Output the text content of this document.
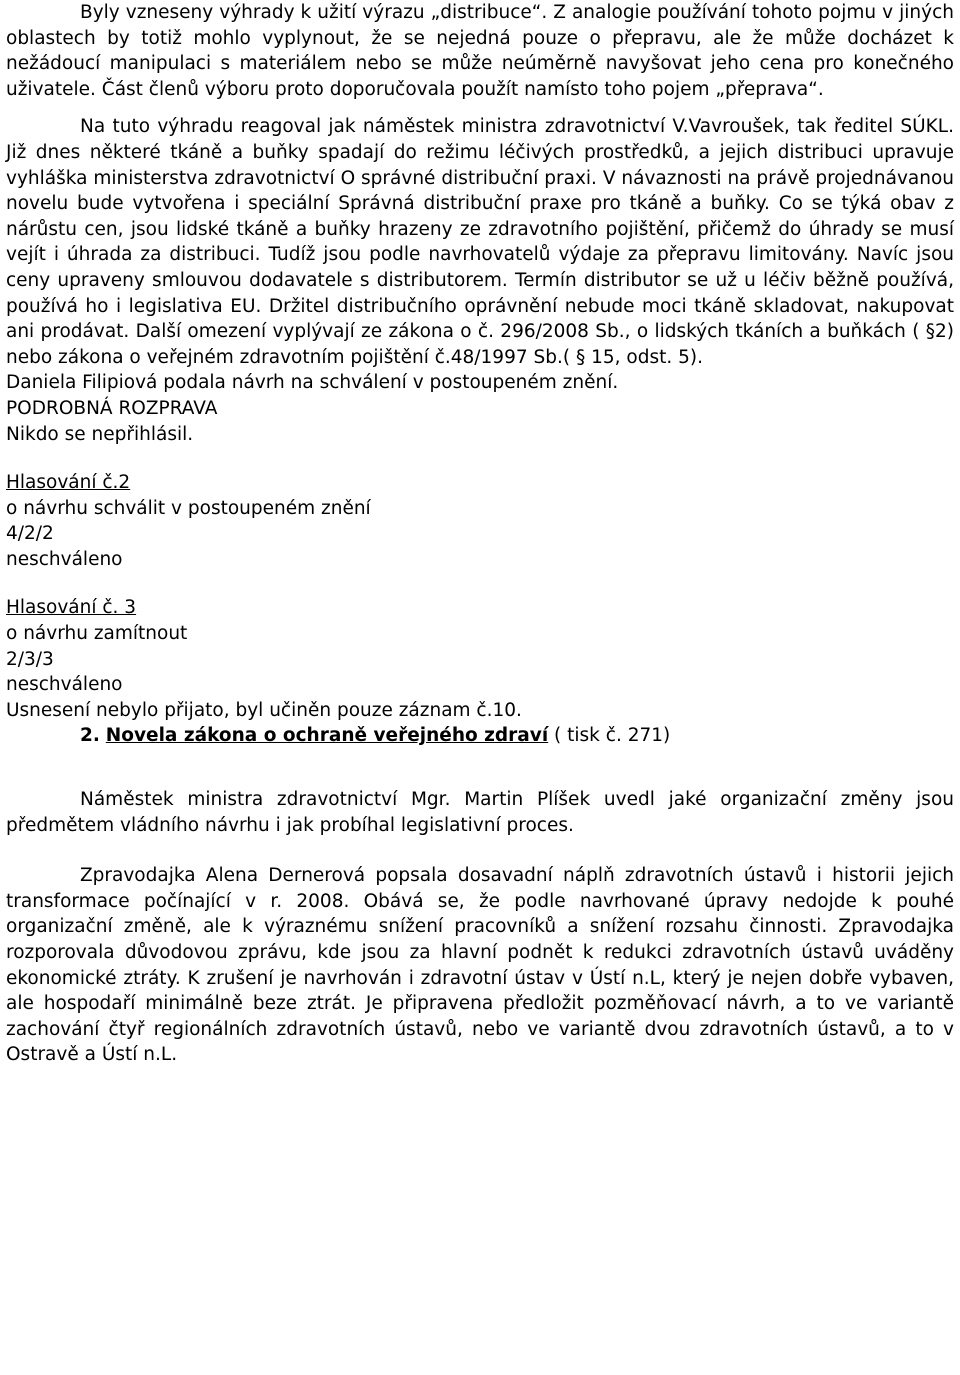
Byly vzneseny výhrady k užití výrazu „distribuce“. Z analogie používání tohoto pojmu v jiných oblastech by totiž mohlo vyplynout, že se nejedná pouze o přepravu, ale že může docházet k nežádoucí manipulaci s materiálem nebo se může neúměrně navyšovat jeho cena pro konečného uživatele. Část členů výboru proto doporučovala použít namísto toho pojem „přeprava“.

Na tuto výhradu reagoval jak náměstek ministra zdravotnictví V.Vavroušek, tak ředitel SÚKL. Již dnes některé tkáně a buňky spadají do režimu léčivých prostředků, a jejich distribuci upravuje vyhláška ministerstva zdravotnictví O správné distribuční praxi. V návaznosti na právě projednávanou novelu bude vytvořena i speciální Správná distribuční praxe pro tkáně a buňky. Co se týká obav z nárůstu cen, jsou lidské tkáně a buňky hrazeny ze zdravotního pojištění, přičemž do úhrady se musí vejít i úhrada za distribuci. Tudíž jsou podle navrhovatelů výdaje za přepravu limitovány. Navíc jsou ceny upraveny smlouvou dodavatele s distributorem. Termín distributor se už u léčiv běžně používá, používá ho i legislativa EU. Držitel distribučního oprávnění nebude moci tkáně skladovat, nakupovat ani prodávat. Další omezení vyplývají ze zákona o č. 296/2008 Sb., o lidských tkáních a buňkách ( §2) nebo zákona o veřejném zdravotním pojištění č.48/1997 Sb.( § 15, odst. 5).

Daniela Filipiová podala návrh na schválení v postoupeném znění.

PODROBNÁ ROZPRAVA

Nikdo se nepřihlásil.

Hlasování č.2

o návrhu schválit v postoupeném znění

4/2/2

neschváleno

Hlasování č. 3

o návrhu zamítnout

2/3/3

neschváleno

Usnesení nebylo přijato, byl učiněn pouze záznam č.10.

2. Novela zákona o ochraně veřejného zdraví ( tisk č. 271)

Náměstek ministra zdravotnictví Mgr. Martin Plíšek uvedl jaké organizační změny jsou předmětem vládního návrhu i jak probíhal legislativní proces.

Zpravodajka Alena Dernerová popsala dosavadní náplň zdravotních ústavů i historii jejich transformace počínající v r. 2008. Obává se, že podle navrhované úpravy nedojde k pouhé organizační změně, ale k výraznému snížení pracovníků a snížení rozsahu činnosti. Zpravodajka rozporovala důvodovou zprávu, kde jsou za hlavní podnět k redukci zdravotních ústavů uváděny ekonomické ztráty. K zrušení je navrhován i zdravotní ústav v Ústí n.L, který je nejen dobře vybaven, ale hospodaří minimálně beze ztrát. Je připravena předložit pozměňovací návrh, a to ve variantě zachování čtyř regionálních zdravotních ústavů, nebo ve variantě dvou zdravotních ústavů, a to v Ostravě a Ústí n.L.
